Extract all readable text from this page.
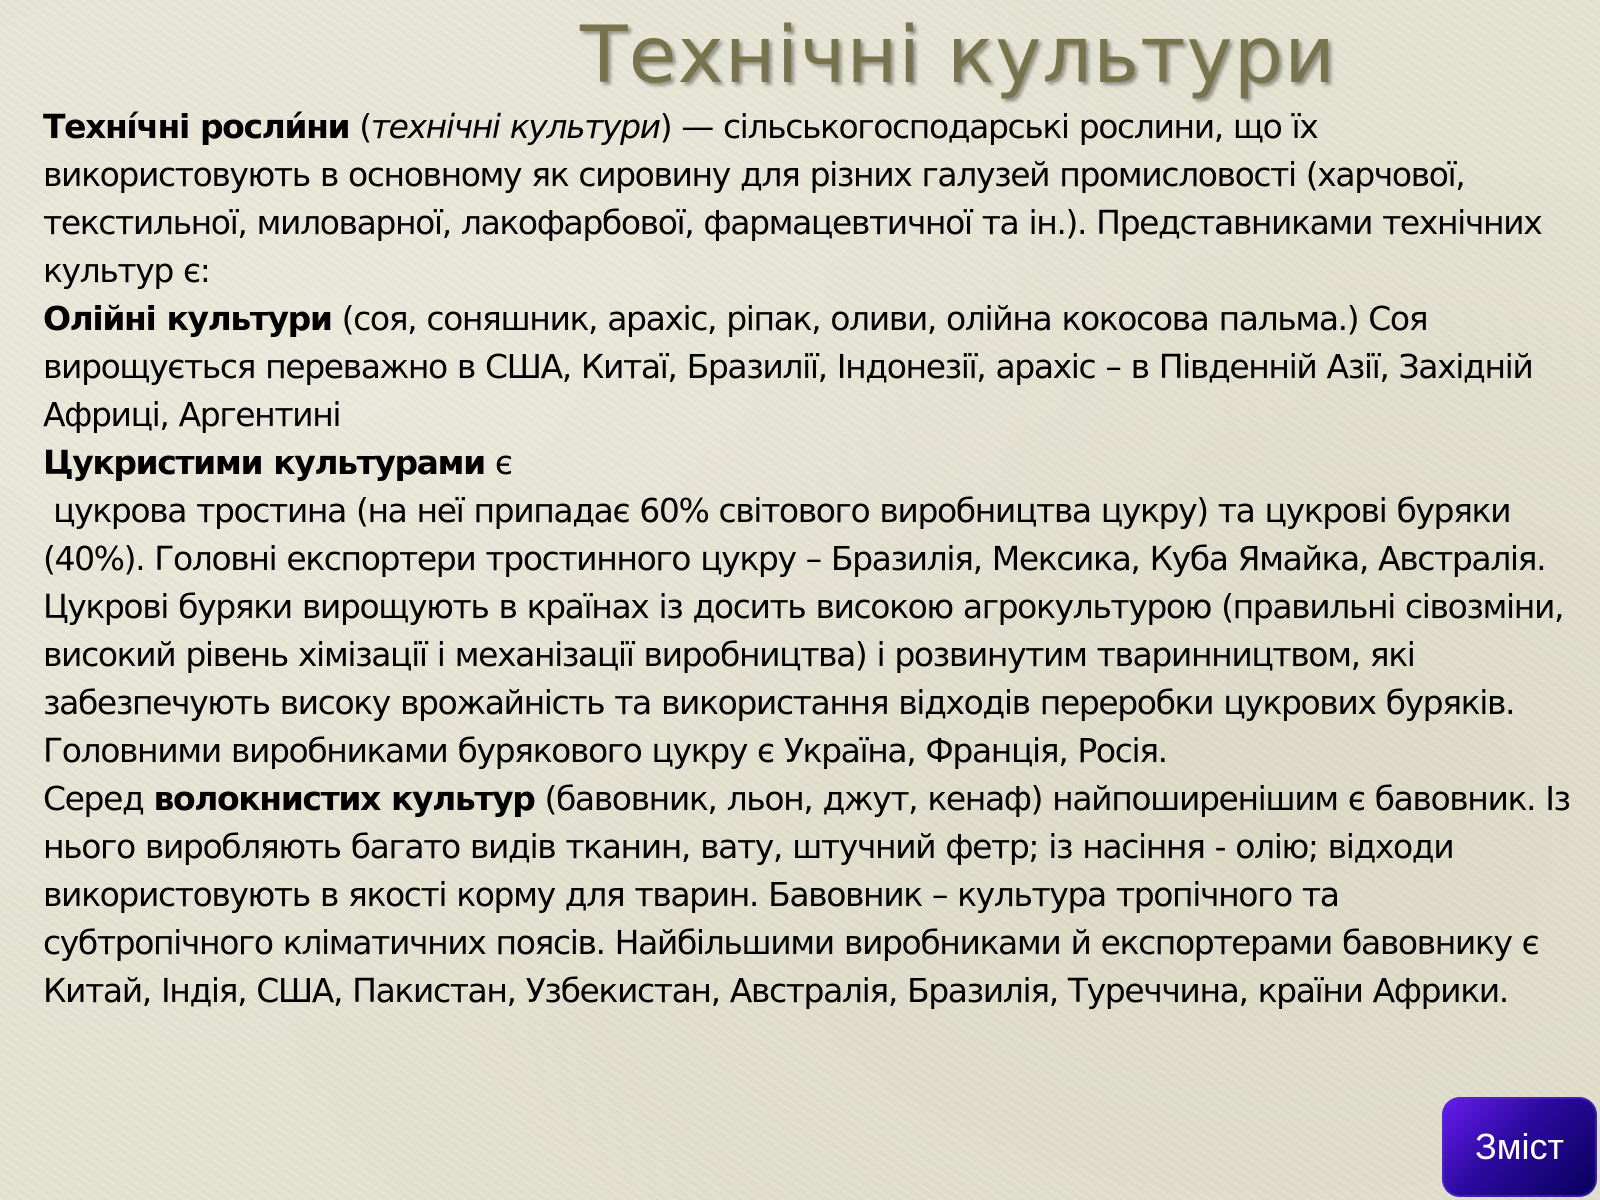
Технічні культури

Техні́чні росли́ни (технічні культури) — сільськогосподарські рослини, що їх використовують в основному як сировину для різних галузей промисловості (харчової, текстильної, миловарної, лакофарбової, фармацевтичної та ін.). Представниками технічних культур є:

Олійні культури (соя, соняшник, арахіс, ріпак, оливи, олійна кокосова пальма.) Соя вирощується переважно в США, Китаї, Бразилії, Індонезії, арахіс – в Південній Азії, Західній Африці, Аргентині

Цукристими культурами є

цукрова тростина (на неї припадає 60% світового виробництва цукру) та цукрові буряки (40%). Головні експортери тростинного цукру – Бразилія, Мексика, Куба Ямайка, Австралія.

Цукрові буряки вирощують в країнах із досить високою агрокультурою (правильні сівозміни, високий рівень хімізації і механізації виробництва) і розвинутим тваринництвом, які забезпечують високу врожайність та використання відходів переробки цукрових буряків. Головними виробниками бурякового цукру є Україна, Франція, Росія.

Серед волокнистих культур (бавовник, льон, джут, кенаф) найпоширенішим є бавовник. Із нього виробляють багато видів тканин, вату, штучний фетр; із насіння - олію; відходи використовують в якості корму для тварин. Бавовник – культура тропічного та субтропічного кліматичних поясів. Найбільшими виробниками й експортерами бавовнику є Китай, Індія, США, Пакистан, Узбекистан, Австралія, Бразилія, Туреччина, країни Африки.

Зміст
